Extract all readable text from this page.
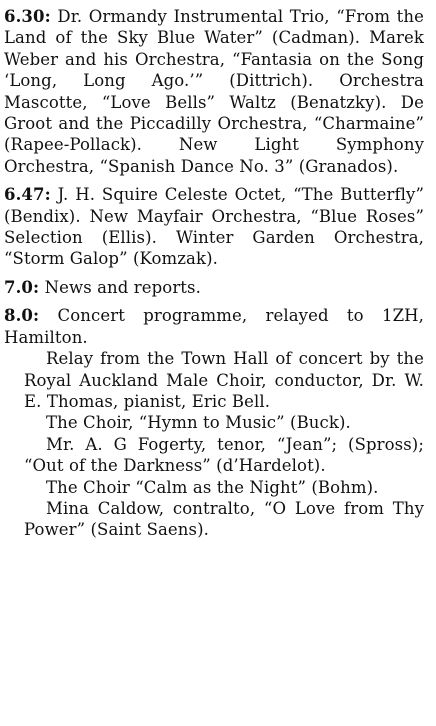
6.30: Dr. Ormandy Instrumental Trio, “From the Land of the Sky Blue Water” (Cadman). Marek Weber and his Orchestra, “Fantasia on the Song ‘Long, Long Ago.’” (Dittrich). Orchestra Mascotte, “Love Bells” Waltz (Benatzky). De Groot and the Piccadilly Orchestra, “Charmaine” (Rapee-Pollack). New Light Symphony Orchestra, “Spanish Dance No. 3” (Granados).

6.47: J. H. Squire Celeste Octet, “The Butterfly” (Bendix). New Mayfair Orchestra, “Blue Roses” Selection (Ellis). Winter Garden Orchestra, “Storm Galop” (Komzak).

7.0: News and reports.

8.0: Concert programme, relayed to 1ZH, Hamilton.

Relay from the Town Hall of concert by the Royal Auckland Male Choir, conductor, Dr. W. E. Thomas, pianist, Eric Bell.

The Choir, “Hymn to Music” (Buck).

Mr. A. G Fogerty, tenor, “Jean”; (Spross); “Out of the Darkness” (d’Hardelot).

The Choir “Calm as the Night” (Bohm).

Mina Caldow, contralto, “O Love from Thy Power” (Saint Saens).
